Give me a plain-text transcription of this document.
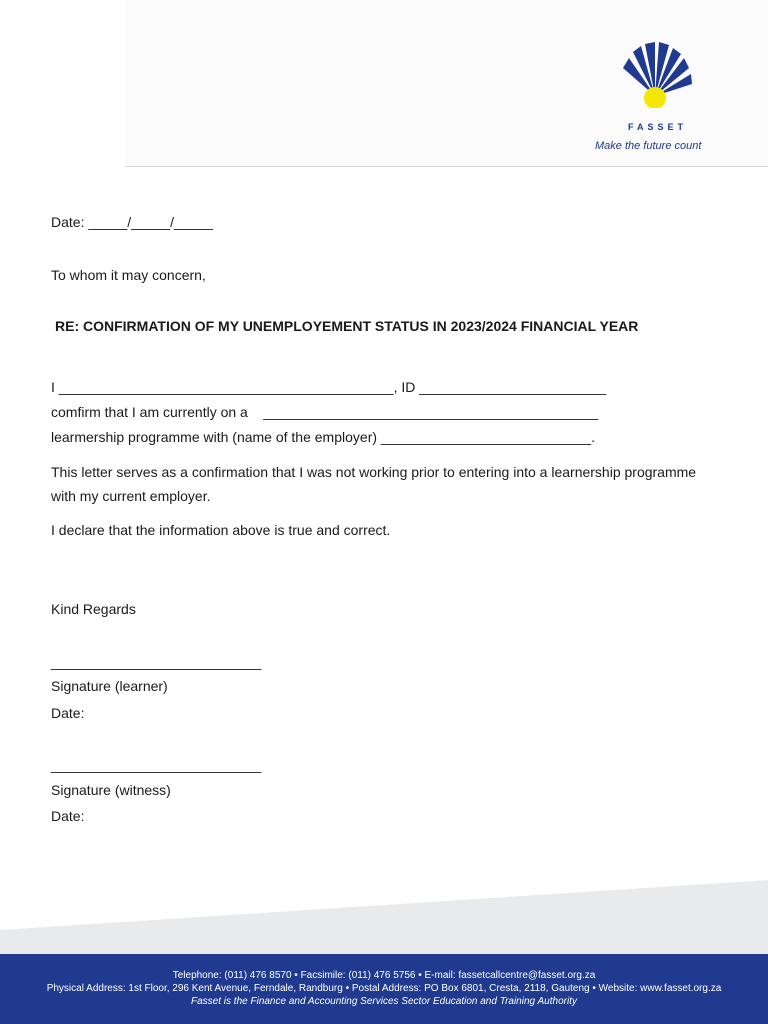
FASSET
Make the future count
Date: _____/_____/_____
To whom it may concern,
RE: CONFIRMATION OF MY UNEMPLOYEMENT STATUS IN 2023/2024 FINANCIAL YEAR
I ___________________________________________, ID ________________________
comfirm that I am currently on a    ___________________________________________
learmership programme with (name of the employer) ___________________________.
This letter serves as a confirmation that I was not working prior to entering into a learnership programme with my current employer.
I declare that the information above is true and correct.
Kind Regards
___________________________
Signature (learner)
Date:
___________________________
Signature (witness)
Date:
Telephone: (011) 476 8570 • Facsimile: (011) 476 5756 • E-mail: fassetcallcentre@fasset.org.za
Physical Address: 1st Floor, 296 Kent Avenue, Ferndale, Randburg • Postal Address: PO Box 6801, Cresta, 2118, Gauteng • Website: www.fasset.org.za
Fasset is the Finance and Accounting Services Sector Education and Training Authority
